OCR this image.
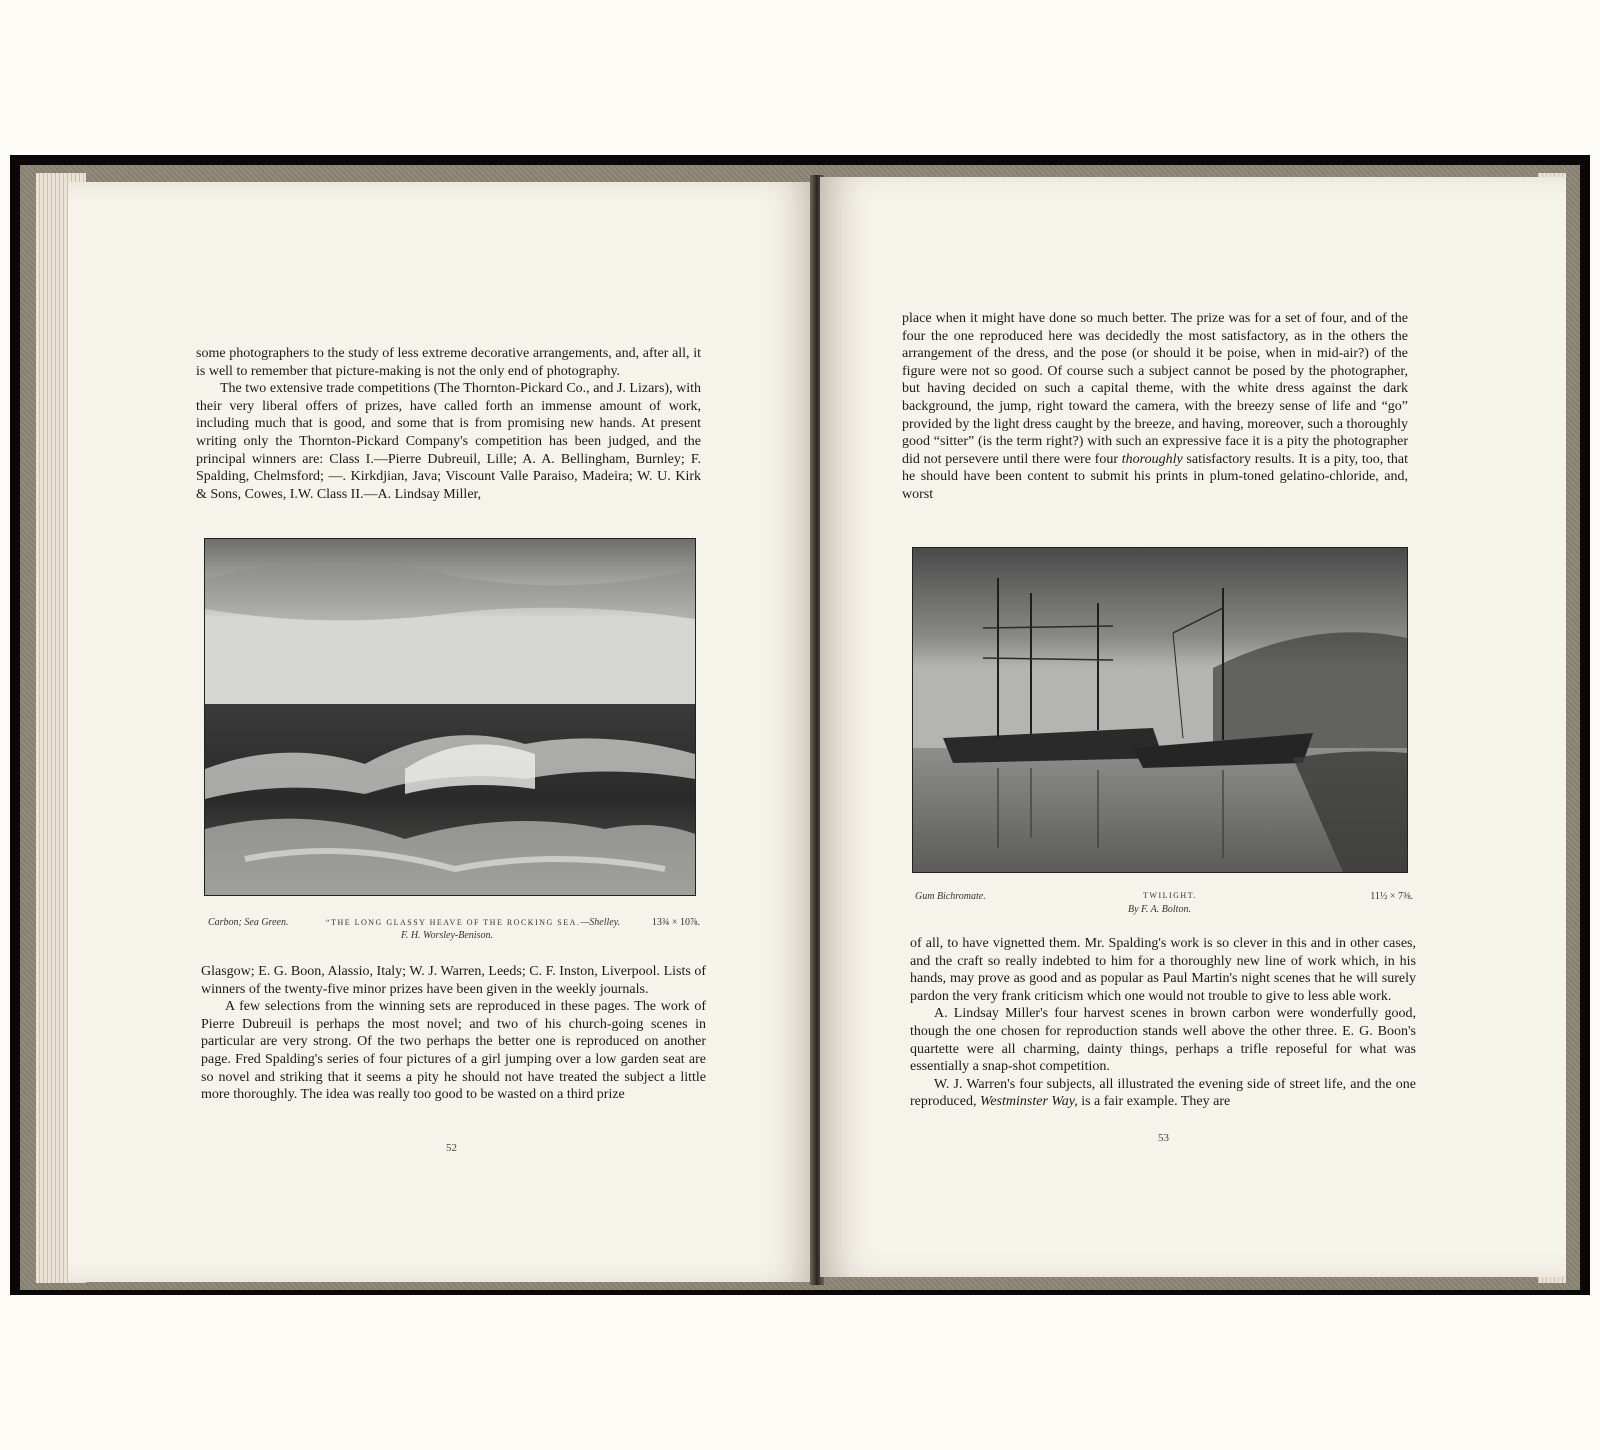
some photographers to the study of less extreme decorative arrangements, and, after all, it is well to remember that picture-making is not the only end of photography.

The two extensive trade competitions (The Thornton-Pickard Co., and J. Lizars), with their very liberal offers of prizes, have called forth an immense amount of work, including much that is good, and some that is from promising new hands. At present writing only the Thornton-Pickard Company's competition has been judged, and the principal winners are: Class I.—Pierre Dubreuil, Lille; A. A. Bellingham, Burnley; F. Spalding, Chelmsford; —. Kirkdjian, Java; Viscount Valle Paraiso, Madeira; W. U. Kirk & Sons, Cowes, I.W. Class II.—A. Lindsay Miller,

Carbon; Sea Green.	“THE LONG GLASSY HEAVE OF THE ROCKING SEA.—Shelley.	13¾ × 10⅞.
F. H. Worsley-Benison.

Glasgow; E. G. Boon, Alassio, Italy; W. J. Warren, Leeds; C. F. Inston, Liverpool. Lists of winners of the twenty-five minor prizes have been given in the weekly journals.

A few selections from the winning sets are reproduced in these pages. The work of Pierre Dubreuil is perhaps the most novel; and two of his church-going scenes in particular are very strong. Of the two perhaps the better one is reproduced on another page. Fred Spalding's series of four pictures of a girl jumping over a low garden seat are so novel and striking that it seems a pity he should not have treated the subject a little more thoroughly. The idea was really too good to be wasted on a third prize

52

place when it might have done so much better. The prize was for a set of four, and of the four the one reproduced here was decidedly the most satisfactory, as in the others the arrangement of the dress, and the pose (or should it be poise, when in mid-air?) of the figure were not so good. Of course such a subject cannot be posed by the photographer, but having decided on such a capital theme, with the white dress against the dark background, the jump, right toward the camera, with the breezy sense of life and “go” provided by the light dress caught by the breeze, and having, moreover, such a thoroughly good “sitter” (is the term right?) with such an expressive face it is a pity the photographer did not persevere until there were four thoroughly satisfactory results. It is a pity, too, that he should have been content to submit his prints in plum-toned gelatino-chloride, and, worst

Gum Bichromate.	TWILIGHT.	11½ × 7⅜.
By F. A. Bolton.

of all, to have vignetted them. Mr. Spalding's work is so clever in this and in other cases, and the craft so really indebted to him for a thoroughly new line of work which, in his hands, may prove as good and as popular as Paul Martin's night scenes that he will surely pardon the very frank criticism which one would not trouble to give to less able work.

A. Lindsay Miller's four harvest scenes in brown carbon were wonderfully good, though the one chosen for reproduction stands well above the other three. E. G. Boon's quartette were all charming, dainty things, perhaps a trifle reposeful for what was essentially a snap-shot competition.

W. J. Warren's four subjects, all illustrated the evening side of street life, and the one reproduced, Westminster Way, is a fair example. They are

53
